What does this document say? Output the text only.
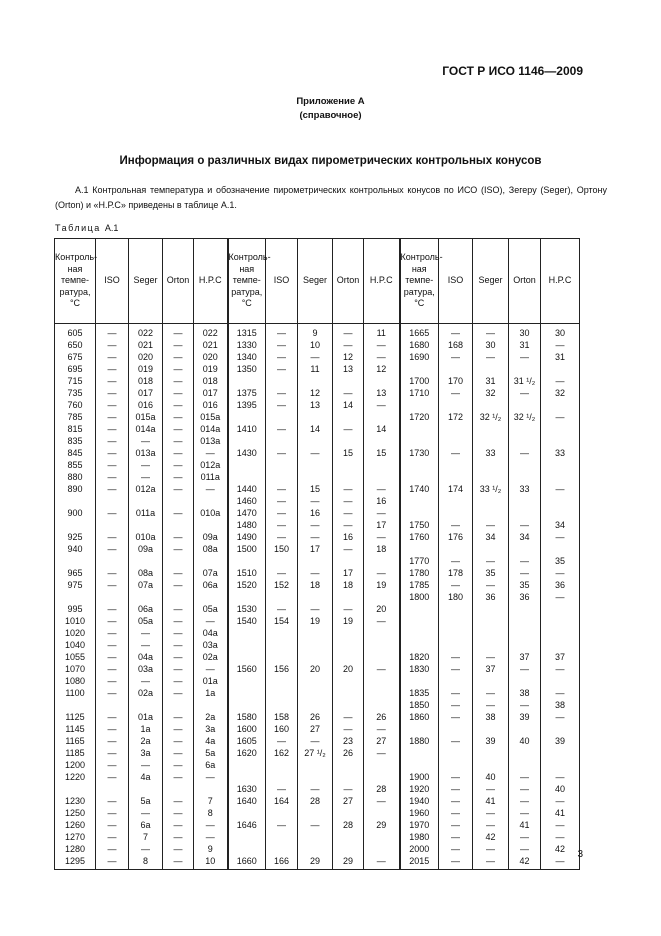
ГОСТ Р ИСО 1146—2009
Приложение А
(справочное)
Информация о различных видах пирометрических контрольных конусов
А.1 Контрольная температура и обозначение пирометрических контрольных конусов по ИСО (ISO), Зегеру (Seger), Ортону (Orton) и «Н.Р.С» приведены в таблице А.1.
Таблица А.1
Контроль-ная темпе-ратура, °С	ISO	Seger	Orton	H.P.C	Контроль-ная темпе-ратура, °С	ISO	Seger	Orton	H.P.C	Контроль-ная темпе-ратура, °С	ISO	Seger	Orton	H.P.C
605	—	022	—	022	1315	—	9	—	11	1665	—	—	30	30
650	—	021	—	021	1330	—	10	—	—	1680	168	30	31	—
675	—	020	—	020	1340	—	—	12	—	1690	—	—	—	31
695	—	019	—	019	1350	—	11	13	12					
715	—	018	—	018						1700	170	31	31 ¹/₂	—
735	—	017	—	017	1375	—	12	—	13	1710	—	32	—	32
760	—	016	—	016	1395	—	13	14	—					
785	—	015a	—	015a						1720	172	32 ¹/₂	32 ¹/₂	—
815	—	014a	—	014a	1410	—	14	—	14					
835	—	—	—	013a										
845	—	013a	—	—	1430	—	—	15	15	1730	—	33	—	33
855	—	—	—	012a										
880	—	—	—	011a										
890	—	012a	—	—	1440	—	15	—	—	1740	174	33 ¹/₂	33	—
					1460	—	—	—	16					
900	—	011a	—	010a	1470	—	16	—	—					
					1480	—	—	—	17	1750	—	—	—	34
925	—	010a	—	09a	1490	—	—	16	—	1760	176	34	34	—
940	—	09a	—	08a	1500	150	17	—	18					
										1770	—	—	—	35
965	—	08a	—	07a	1510	—	—	17	—	1780	178	35	—	—
975	—	07a	—	06a	1520	152	18	18	19	1785	—	—	35	36
										1800	180	36	36	—
995	—	06a	—	05a	1530	—	—	—	20					
1010	—	05a	—	—	1540	154	19	19	—					
1020	—	—	—	04a										
1040	—	—	—	03a										
1055	—	04a	—	02a						1820	—	—	37	37
1070	—	03a	—	—	1560	156	20	20	—	1830	—	37	—	—
1080	—	—	—	01a										
1100	—	02a	—	1a						1835	—	—	38	—
										1850	—	—	—	38
1125	—	01a	—	2a	1580	158	26	—	26	1860	—	38	39	—
1145	—	1a	—	3a	1600	160	27	—	—					
1165	—	2a	—	4a	1605	—	—	23	27	1880	—	39	40	39
1185	—	3a	—	5a	1620	162	27 ¹/₂	26	—					
1200	—	—	—	6a										
1220	—	4a	—	—						1900	—	40	—	—
					1630	—	—	—	28	1920	—	—	—	40
1230	—	5a	—	7	1640	164	28	27	—	1940	—	41	—	—
1250	—	—	—	8						1960	—	—	—	41
1260	—	6a	—	—	1646	—	—	28	29	1970	—	—	41	—
1270	—	7	—	—						1980	—	42	—	—
1280	—	—	—	9						2000	—	—	—	42
1295	—	8	—	10	1660	166	29	29	—	2015	—	—	42	—
3
